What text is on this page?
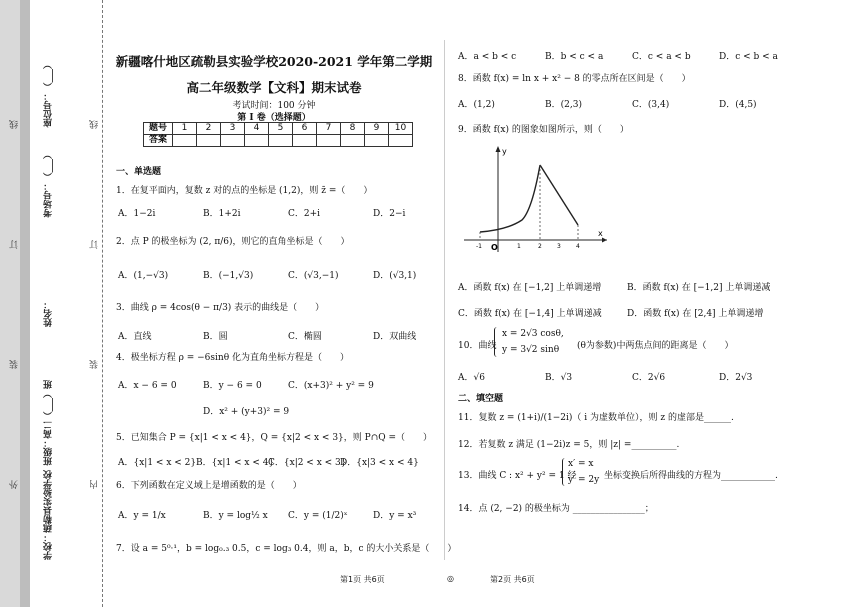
学校：疏勒县实验学校
班级：高二（___）班
姓名：
考场号：（___）
座位号：（___）
外
装
订
线
内
装
订
线
新疆喀什地区疏勒县实验学校2020-2021 学年第二学期
高二年级数学【文科】期末试卷
考试时间：100 分钟
第 I 卷（选择题）
题号	1	2	3	4	5	6	7	8	9	10
答案										
一、单选题
1．在复平面内，复数 z 对的点的坐标是 (1,2)，则 z̄ =（　　）
A．1−2i	B．1+2i	C．2+i	D．2−i
2．点 P 的极坐标为 (2, π/6)，则它的直角坐标是（　　）
A．(1,−√3)	B．(−1,√3)	C．(√3,−1)	D．(√3,1)
3．曲线 ρ = 4cos(θ − π/3) 表示的曲线是（　　）
A．直线	B．圆	C．椭圆	D．双曲线
4．极坐标方程 ρ = −6sinθ 化为直角坐标方程是（　　）
A．x − 6 = 0	B．y − 6 = 0	C．(x+3)² + y² = 9
D．x² + (y+3)² = 9
5．已知集合 P = {x|1 < x < 4}，Q = {x|2 < x < 3}，则 P∩Q =（　　）
A．{x|1 < x < 2} B．{x|1 < x < 4}
C．{x|2 < x < 3}
D．{x|3 < x < 4}
6．下列函数在定义域上是增函数的是（　　）
A．y = 1/x	B．y = log½ x C．y = (1/2)ˣ	D．y = x³
7．设 a = 5⁰·¹，b = log₀.₃ 0.5，c = log₃ 0.4，则 a，b，c 的大小关系是（　　）
A．a < b < c	B．b < c < a	C．c < a < b	D．c < b < a
8．函数 f(x) = ln x + x² − 8 的零点所在区间是（　　）
A．(1,2)	B．(2,3)	C．(3,4)	D．(4,5)
9．函数 f(x) 的图象如图所示，则（　　）
y
x
O
-1	1	2	3	4
A．函数 f(x) 在 [−1,2] 上单调递增	B．函数 f(x) 在 [−1,2] 上单调递减
C．函数 f(x) 在 [−1,4] 上单调递减	D．函数 f(x) 在 [2,4] 上单调递增
10．曲线
x = 2√3 cosθ,
y = 3√2 sinθ (θ为参数)中两焦点间的距离是（　　）
A．√6	B．√3	C．2√6	D．2√3
二、填空题
11．复数 z = (1+i)/(1−2i)（ i 为虚数单位），则 z 的虚部是______.
12．若复数 z 满足 (1−2i)z = 5，则 |z| =__________.
13．曲线 C : x² + y² = 1 经
x′ = x
y′ = 2y 坐标变换后所得曲线的方程为____________.
14．点 (2, −2) 的极坐标为 ________________；
第1页 共6页	◎	第2页 共6页
